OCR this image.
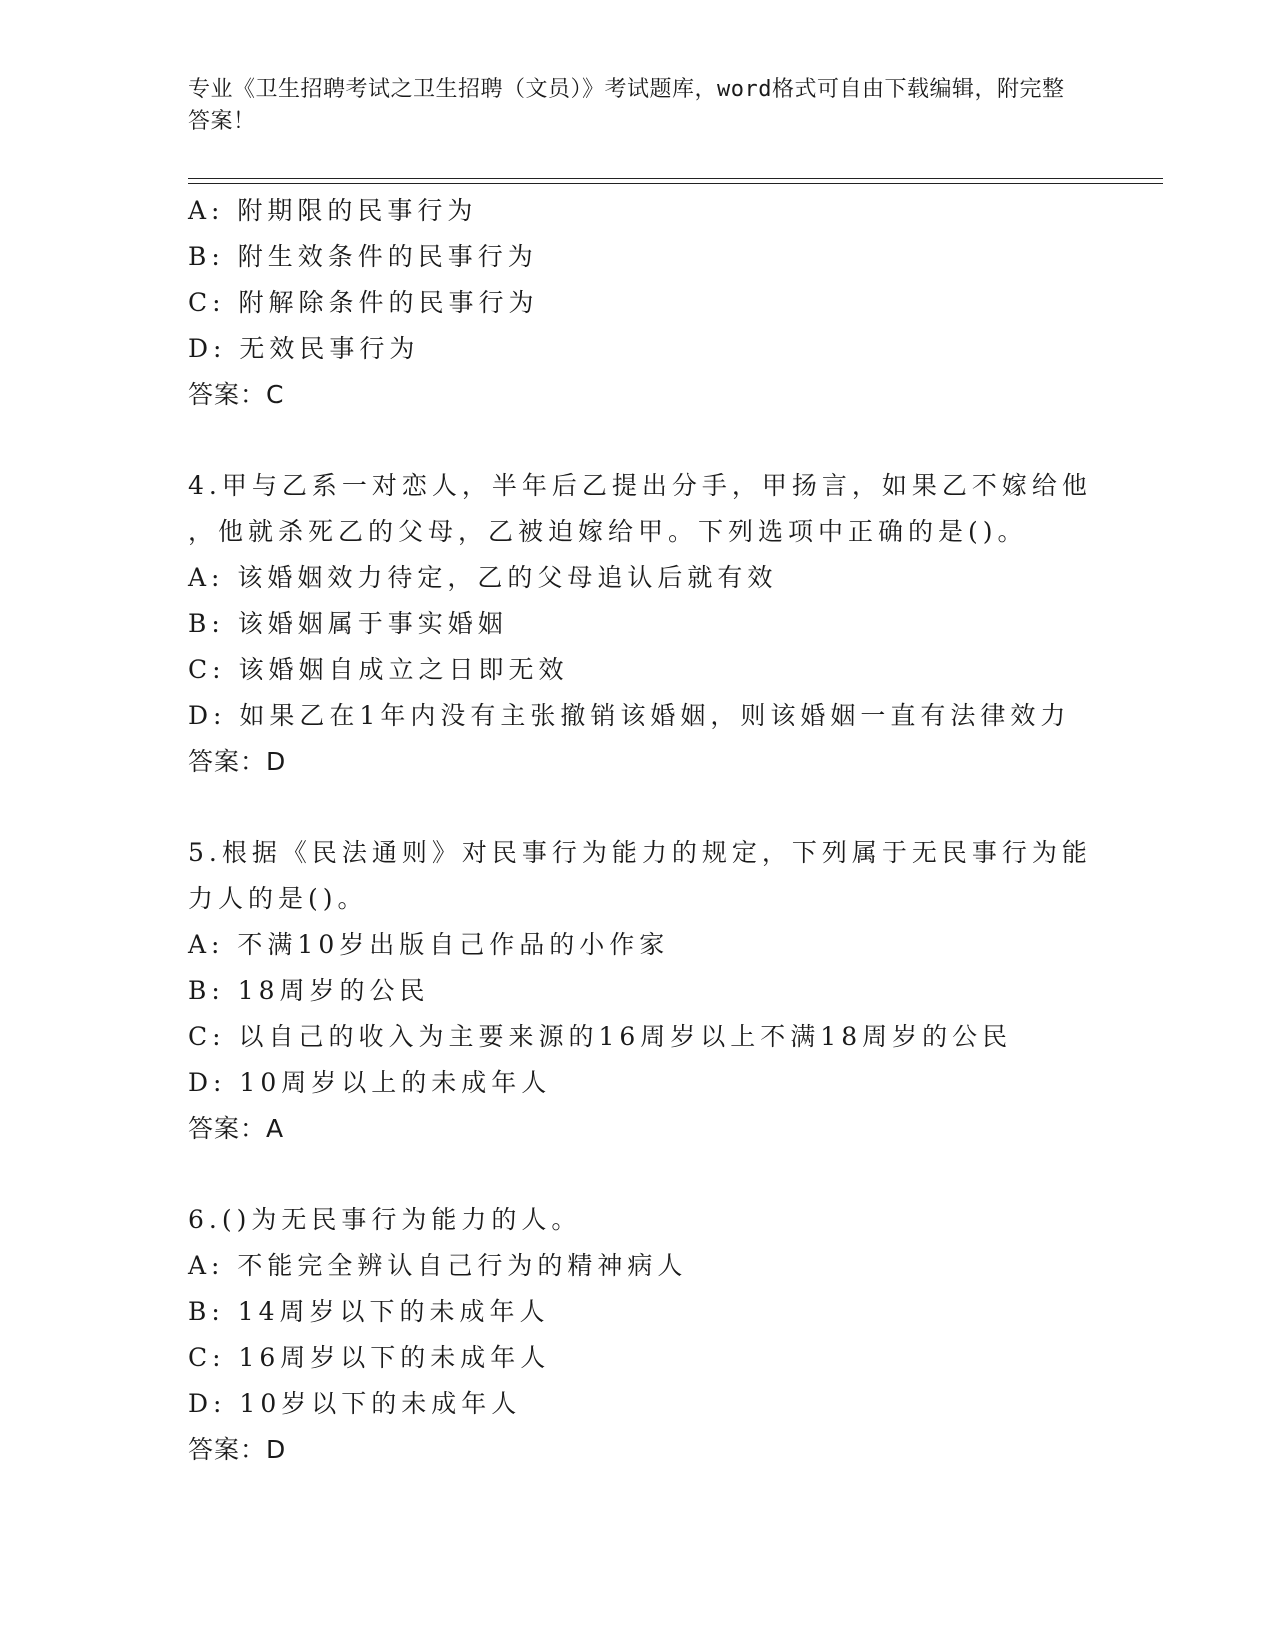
专业《卫生招聘考试之卫生招聘（文员）》考试题库，word格式可自由下载编辑，附完整答案！
A: 附期限的民事行为
B: 附生效条件的民事行为
C: 附解除条件的民事行为
D: 无效民事行为
答案：C
4.甲与乙系一对恋人，半年后乙提出分手，甲扬言，如果乙不嫁给他
，他就杀死乙的父母，乙被迫嫁给甲。下列选项中正确的是()。
A: 该婚姻效力待定，乙的父母追认后就有效
B: 该婚姻属于事实婚姻
C: 该婚姻自成立之日即无效
D: 如果乙在1年内没有主张撤销该婚姻，则该婚姻一直有法律效力
答案：D
5.根据《民法通则》对民事行为能力的规定，下列属于无民事行为能
力人的是()。
A: 不满10岁出版自己作品的小作家
B: 18周岁的公民
C: 以自己的收入为主要来源的16周岁以上不满18周岁的公民
D: 10周岁以上的未成年人
答案：A
6.()为无民事行为能力的人。
A: 不能完全辨认自己行为的精神病人
B: 14周岁以下的未成年人
C: 16周岁以下的未成年人
D: 10岁以下的未成年人
答案：D
